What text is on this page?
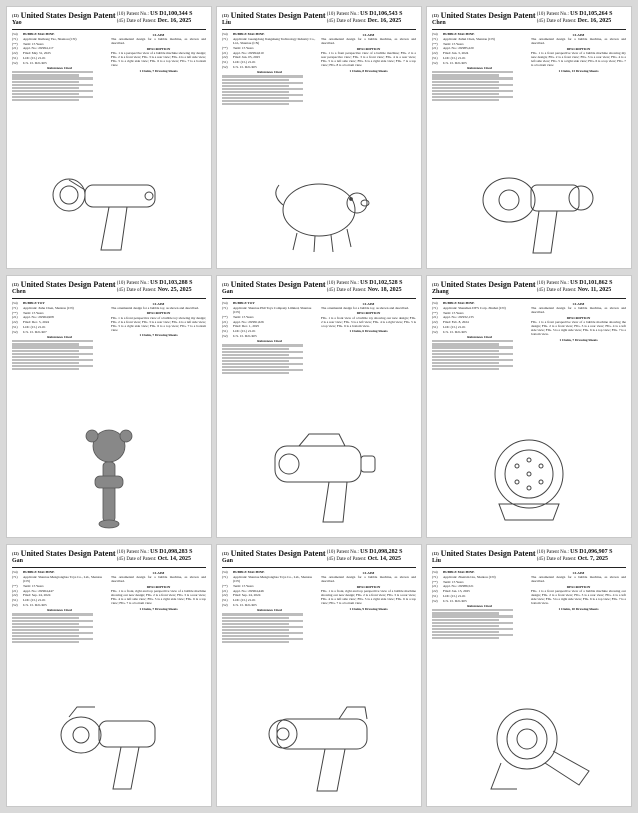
$^{(12)}$ United States Design Patent
Yao
(10) Patent No.: US D1,100,344 S
(45) Date of Patent: Dec. 16, 2025
(54)	BUBBLE MACHINE
(71)	Applicant: Ruihong Yao, Shantou (CN)
(**)	Term: 15 Years
(21)	Appl. No.: 29/994,117
(22)	Filed: May 31, 2025
(51)	LOC (Cl.) 21-01
(52)	U.S. Cl. D21/405
References Cited
CLAIM
The ornamental design for a bubble machine, as shown and described.
DESCRIPTION
FIG. 1 is a perspective view of a bubble machine showing my design; FIG. 2 is a front view; FIG. 3 is a rear view; FIG. 4 is a left side view; FIG. 5 is a right side view; FIG. 6 is a top view; FIG. 7 is a bottom view.
1 Claim, 7 Drawing Sheets
$^{(12)}$ United States Design Patent
Liu
(10) Patent No.: US D1,106,543 S
(45) Date of Patent: Dec. 16, 2025
(54)	BUBBLE MACHINE
(71)	Applicant: Guangdong Jiangsheng Technology Industry Co., Ltd., Shantou (CN)
(**)	Term: 15 Years
(21)	Appl. No.: 29/994,610
(22)	Filed: Jun. 05, 2025
(51)	LOC (Cl.) 21-01
(52)	U.S. Cl. D21/405
References Cited
CLAIM
The ornamental design for a bubble machine, as shown and described.
DESCRIPTION
FIG. 1 is a front perspective view of a bubble machine; FIG. 2 is a rear perspective view; FIG. 3 is a front view; FIG. 4 is a rear view; FIG. 5 is a left side view; FIG. 6 is a right side view; FIG. 7 is a top view; FIG. 8 is a bottom view.
1 Claim, 8 Drawing Sheets
$^{(12)}$ United States Design Patent
Chen
(10) Patent No.: US D1,105,264 S
(45) Date of Patent: Dec. 16, 2025
(54)	BUBBLE MACHINE
(71)	Applicant: Jiahui Chen, Shantou (CN)
(**)	Term: 15 Years
(21)	Appl. No.: 29/985,220
(22)	Filed: Jun. 3, 2024
(51)	LOC (Cl.) 21-01
(52)	U.S. Cl. D21/405
References Cited
CLAIM
The ornamental design for a bubble machine, as shown and described.
DESCRIPTION
FIG. 1 is a front perspective view of a bubble machine showing my new design; FIG. 2 is a front view; FIG. 3 is a rear view; FIG. 4 is a left side view; FIG. 5 is a right side view; FIG. 6 is a top view; FIG. 7 is a bottom view.
1 Claim, 13 Drawing Sheets
$^{(12)}$ United States Design Patent
Chen
(10) Patent No.: US D1,103,288 S
(45) Date of Patent: Nov. 25, 2025
(54)	BUBBLE TOY
(71)	Applicant: Jiahe Chen, Shantou (CN)
(**)	Term: 15 Years
(21)	Appl. No.: 29/964,908
(22)	Filed: Dec. 5, 2024
(51)	LOC (Cl.) 21-01
(52)	U.S. Cl. D21/407
References Cited
CLAIM
The ornamental design for a bubble toy, as shown and described.
DESCRIPTION
FIG. 1 is a front perspective view of a bubble toy showing my design; FIG. 2 is a front view; FIG. 3 is a rear view; FIG. 4 is a left side view; FIG. 5 is a right side view; FIG. 6 is a top view; FIG. 7 is a bottom view.
1 Claim, 7 Drawing Sheets
$^{(12)}$ United States Design Patent
Gan
(10) Patent No.: US D1,102,528 S
(45) Date of Patent: Nov. 18, 2025
(54)	BUBBLE TOY
(71)	Applicant: Shantou Phil Toys Company Limited, Shantou (CN)
(**)	Term: 15 Years
(21)	Appl. No.: 29/991,626
(22)	Filed: Dec. 1, 2025
(51)	LOC (Cl.) 21-01
(52)	U.S. Cl. D21/405
References Cited
CLAIM
The ornamental design for a bubble toy, as shown and described.
DESCRIPTION
FIG. 1 is a front view of a bubble toy showing our new design; FIG. 2 is a rear view; FIG. 3 is a left view; FIG. 4 is a right view; FIG. 5 is a top view; FIG. 6 is a bottom view.
1 Claim, 6 Drawing Sheets
$^{(12)}$ United States Design Patent
Zhang
(10) Patent No.: US D1,101,862 S
(45) Date of Patent: Nov. 11, 2025
(54)	BUBBLE MACHINE
(71)	Applicant: Shenzhen DYS Corp. Zhuhai (CN)
(**)	Term: 15 Years
(21)	Appl. No.: 29/932,135
(22)	Filed: Feb. 8, 2024
(51)	LOC (Cl.) 21-01
(52)	U.S. Cl. D21/405
References Cited
CLAIM
The ornamental design for a bubble machine, as shown and described.
DESCRIPTION
FIG. 1 is a front perspective view of a bubble machine showing the design; FIG. 2 is a front view; FIG. 3 is a rear view; FIG. 4 is a left side view; FIG. 5 is a right side view; FIG. 6 is a top view; FIG. 7 is a bottom view.
1 Claim, 7 Drawing Sheets
$^{(12)}$ United States Design Patent
Gan
(10) Patent No.: US D1,098,283 S
(45) Date of Patent: Oct. 14, 2025
(54)	BUBBLE MACHINE
(71)	Applicant: Shantou Mengtongbao Toys Co., Ltd., Shantou (CN)
(**)	Term: 15 Years
(21)	Appl. No.: 29/964,447
(22)	Filed: Sep. 24, 2024
(51)	LOC (Cl.) 21-01
(52)	U.S. Cl. D21/405
References Cited
CLAIM
The ornamental design for a bubble machine, as shown and described.
DESCRIPTION
FIG. 1 is a front, right and top perspective view of a bubble machine showing our new design; FIG. 2 is a front view; FIG. 3 is a rear view; FIG. 4 is a left side view; FIG. 5 is a right side view; FIG. 6 is a top view; FIG. 7 is a bottom view.
1 Claim, 7 Drawing Sheets
$^{(12)}$ United States Design Patent
Gan
(10) Patent No.: US D1,098,282 S
(45) Date of Patent: Oct. 14, 2025
(54)	BUBBLE MACHINE
(71)	Applicant: Shantou Mengtongbao Toys Co., Ltd., Shantou (CN)
(**)	Term: 15 Years
(21)	Appl. No.: 29/964,446
(22)	Filed: Sep. 24, 2024
(51)	LOC (Cl.) 21-01
(52)	U.S. Cl. D21/405
References Cited
CLAIM
The ornamental design for a bubble machine, as shown and described.
DESCRIPTION
FIG. 1 is a front, right and top perspective view of a bubble machine showing our new design; FIG. 2 is a front view; FIG. 3 is a rear view; FIG. 4 is a left side view; FIG. 5 is a right side view; FIG. 6 is a top view; FIG. 7 is a bottom view.
1 Claim, 9 Drawing Sheets
$^{(12)}$ United States Design Patent
Liu
(10) Patent No.: US D1,096,907 S
(45) Date of Patent: Oct. 7, 2025
(54)	BUBBLE MACHINE
(71)	Applicant: Zhenxin Liu, Shantou (CN)
(**)	Term: 15 Years
(21)	Appl. No.: 29/986,521
(22)	Filed: Jan. 13, 2025
(51)	LOC (Cl.) 21-01
(52)	U.S. Cl. D21/405
References Cited
CLAIM
The ornamental design for a bubble machine, as shown and described.
DESCRIPTION
FIG. 1 is a front perspective view of a bubble machine showing our design; FIG. 2 is a front view; FIG. 3 is a rear view; FIG. 4 is a left side view; FIG. 5 is a right side view; FIG. 6 is a top view; FIG. 7 is a bottom view.
1 Claim, 10 Drawing Sheets
